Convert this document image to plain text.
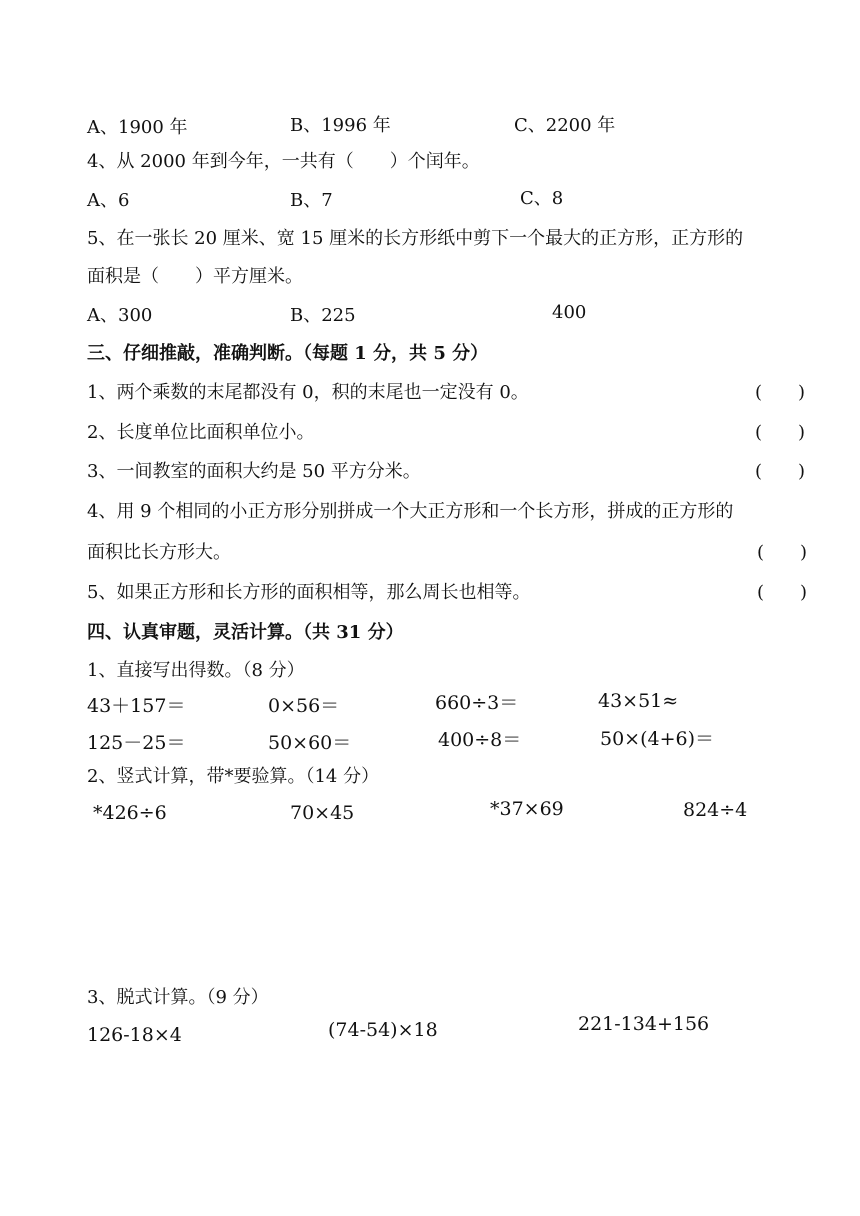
A、1900 年	B、1996 年	C、2200 年
4、从 2000 年到今年，一共有（　　）个闰年。
A、6	B、7	C、8
5、在一张长 20 厘米、宽 15 厘米的长方形纸中剪下一个最大的正方形，正方形的
面积是（　　）平方厘米。
A、300	B、225	400
三、仔细推敲，准确判断。（每题 1 分，共 5 分）
1、两个乘数的末尾都没有 0，积的末尾也一定没有 0。	(　　)
2、长度单位比面积单位小。	(　　)
3、一间教室的面积大约是 50 平方分米。	(　　)
4、用 9 个相同的小正方形分别拼成一个大正方形和一个长方形，拼成的正方形的
面积比长方形大。	(　　)
5、如果正方形和长方形的面积相等，那么周长也相等。	(　　)
四、认真审题，灵活计算。（共 31 分）
1、直接写出得数。（8 分）
43＋157＝	0×56＝	660÷3＝	43×51≈
125－25＝	50×60＝	400÷8＝	50×(4+6)＝
2、竖式计算，带*要验算。（14 分）
*426÷6	70×45	*37×69	824÷4
3、脱式计算。（9 分）
126-18×4	(74-54)×18	221-134+156
